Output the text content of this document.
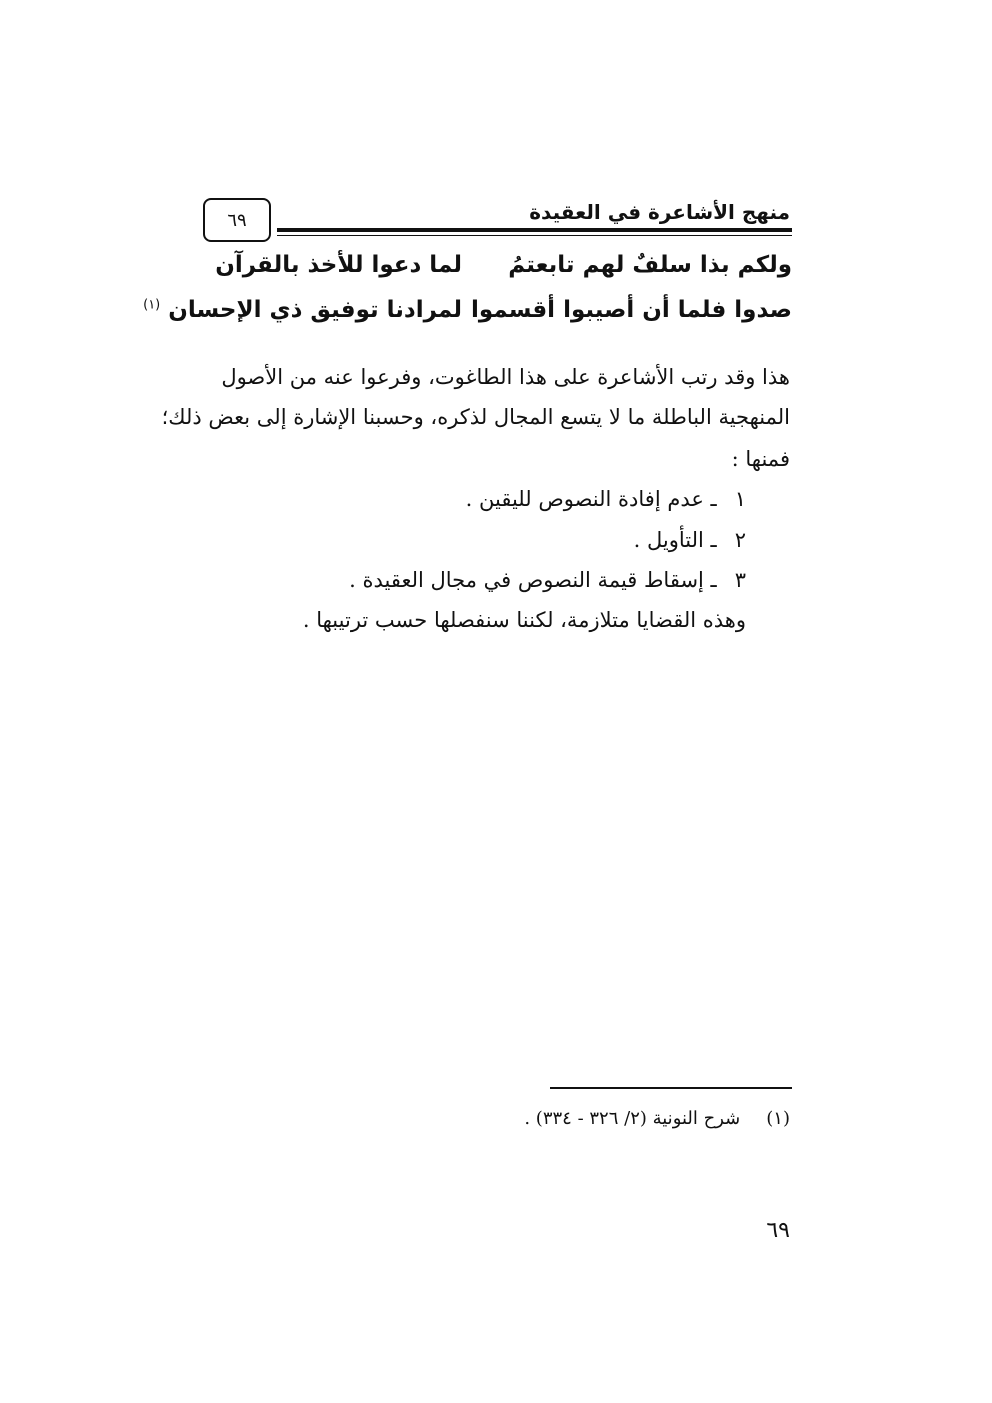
٦٩	منهج الأشاعرة في العقيدة
ولكم بذا سلفٌ لهم تابعتمُ
لما دعوا للأخذ بالقرآن
صدوا فلما أن أصيبوا أقسموا
لمرادنا توفيق ذي الإحسان $^{(١)}$
هذا وقد رتب الأشاعرة على هذا الطاغوت، وفرعوا عنه من الأصول
المنهجية الباطلة ما لا يتسع المجال لذكره، وحسبنا الإشارة إلى بعض ذلك؛
فمنها :
١ـ عدم إفادة النصوص لليقين .
٢ـ التأويل .
٣ـ إسقاط قيمة النصوص في مجال العقيدة .
وهذه القضايا متلازمة، لكننا سنفصلها حسب ترتيبها .
(١)شرح النونية (٢/ ٣٢٦ - ٣٣٤) .
٦٩
